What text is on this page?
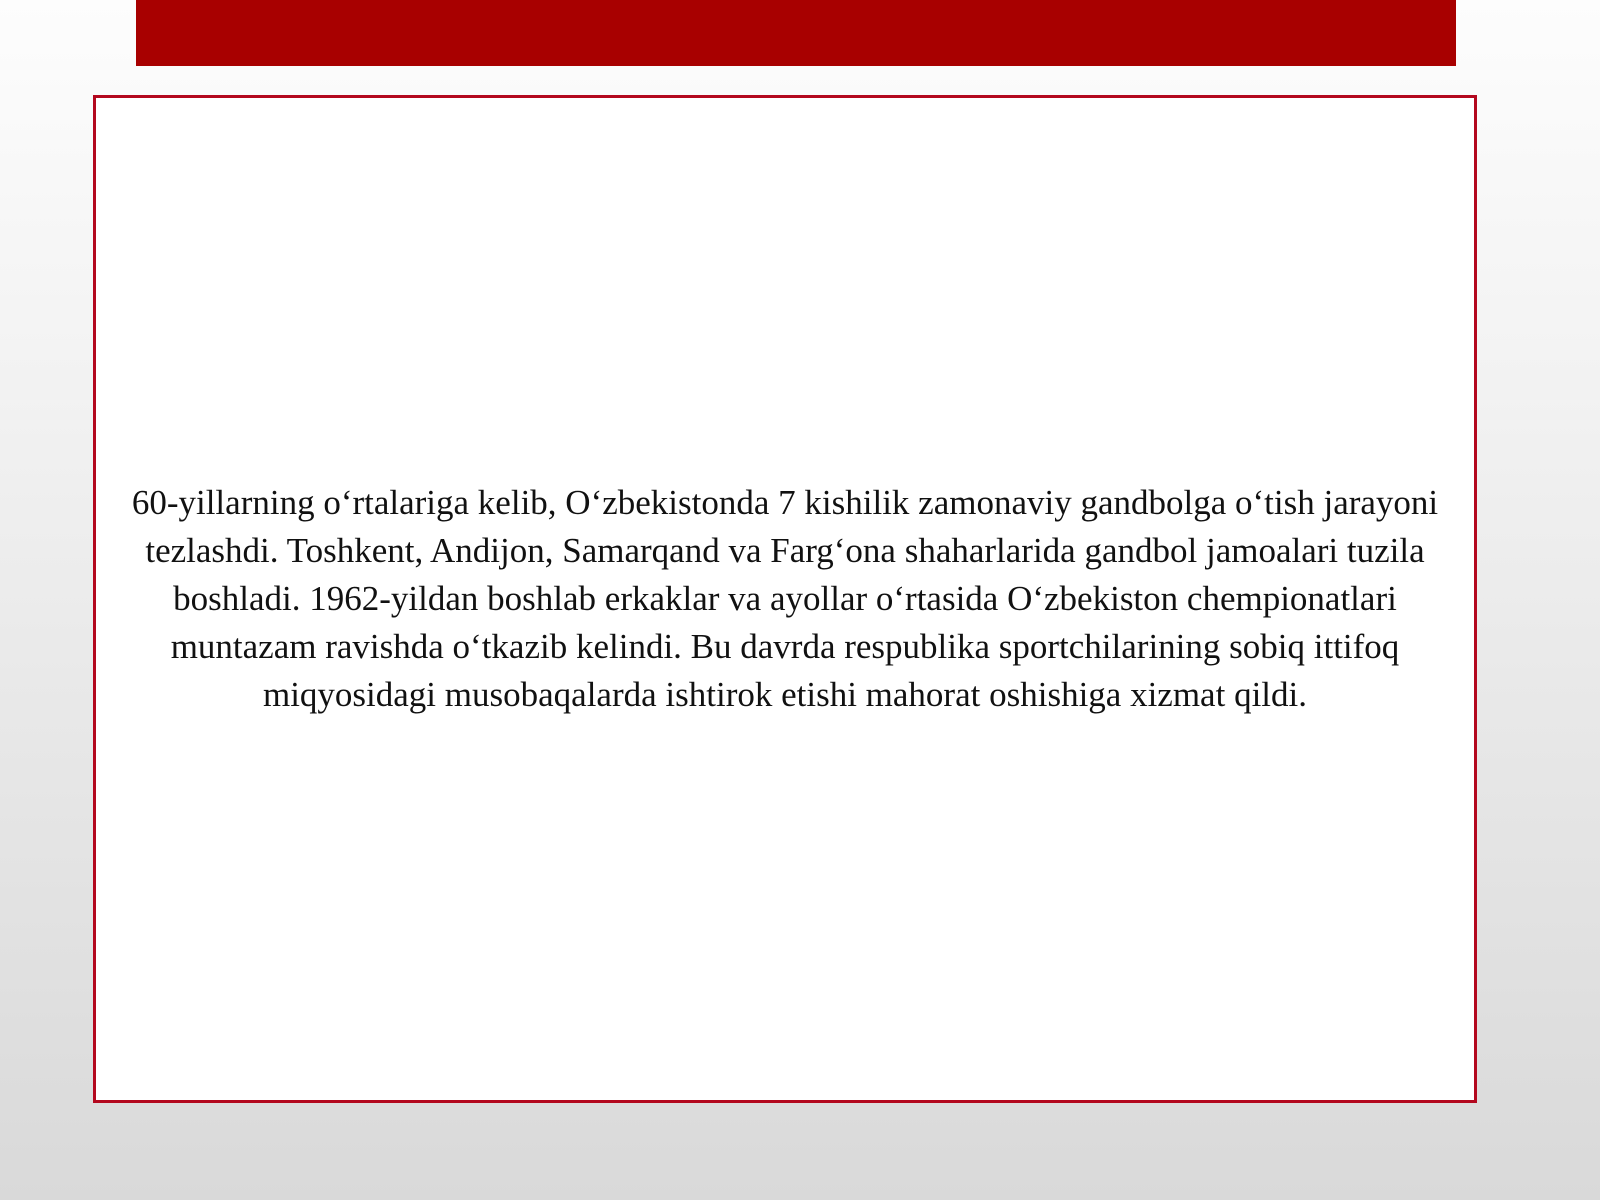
60-yillarning o‘rtalariga kelib, O‘zbekistonda 7 kishilik zamonaviy gandbolga o‘tish jarayoni tezlashdi. Toshkent, Andijon, Samarqand va Farg‘ona shaharlarida gandbol jamoalari tuzila boshladi. 1962-yildan boshlab erkaklar va ayollar o‘rtasida O‘zbekiston chempionatlari muntazam ravishda o‘tkazib kelindi. Bu davrda respublika sportchilarining sobiq ittifoq miqyosidagi musobaqalarda ishtirok etishi mahorat oshishiga xizmat qildi.
